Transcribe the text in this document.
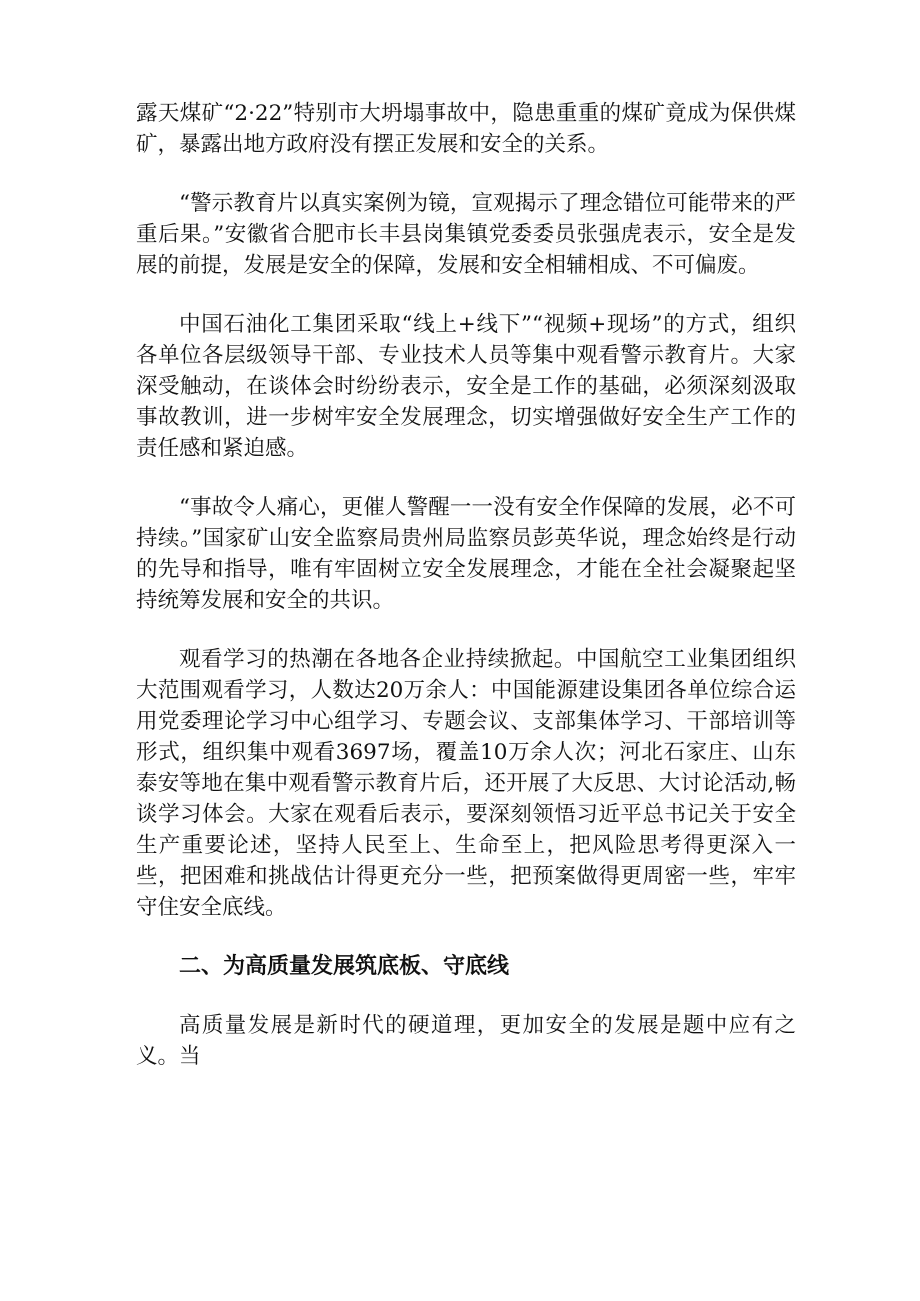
露天煤矿“2·22”特别市大坍塌事故中，隐患重重的煤矿竟成为保供煤矿，暴露出地方政府没有摆正发展和安全的关系。

“警示教育片以真实案例为镜，宣观揭示了理念错位可能带来的严重后果。”安徽省合肥市长丰县岗集镇党委委员张强虎表示，安全是发展的前提，发展是安全的保障，发展和安全相辅相成、不可偏废。

中国石油化工集团采取“线上+线下”“视频+现场”的方式，组织各单位各层级领导干部、专业技术人员等集中观看警示教育片。大家深受触动，在谈体会时纷纷表示，安全是工作的基础，必须深刻汲取事故教训，进一步树牢安全发展理念，切实增强做好安全生产工作的责任感和紧迫感。

“事故令人痛心，更催人警醒一一没有安全作保障的发展，必不可持续。”国家矿山安全监察局贵州局监察员彭英华说，理念始终是行动的先导和指导，唯有牢固树立安全发展理念，才能在全社会凝聚起坚持统筹发展和安全的共识。

观看学习的热潮在各地各企业持续掀起。中国航空工业集团组织大范围观看学习，人数达20万余人：中国能源建设集团各单位综合运用党委理论学习中心组学习、专题会议、支部集体学习、干部培训等形式，组织集中观看3697场，覆盖10万余人次；河北石家庄、山东泰安等地在集中观看警示教育片后，还开展了大反思、大讨论活动,畅谈学习体会。大家在观看后表示，要深刻领悟习近平总书记关于安全生产重要论述，坚持人民至上、生命至上，把风险思考得更深入一些，把困难和挑战估计得更充分一些，把预案做得更周密一些，牢牢守住安全底线。

二、为高质量发展筑底板、守底线

高质量发展是新时代的硬道理，更加安全的发展是题中应有之义。当
